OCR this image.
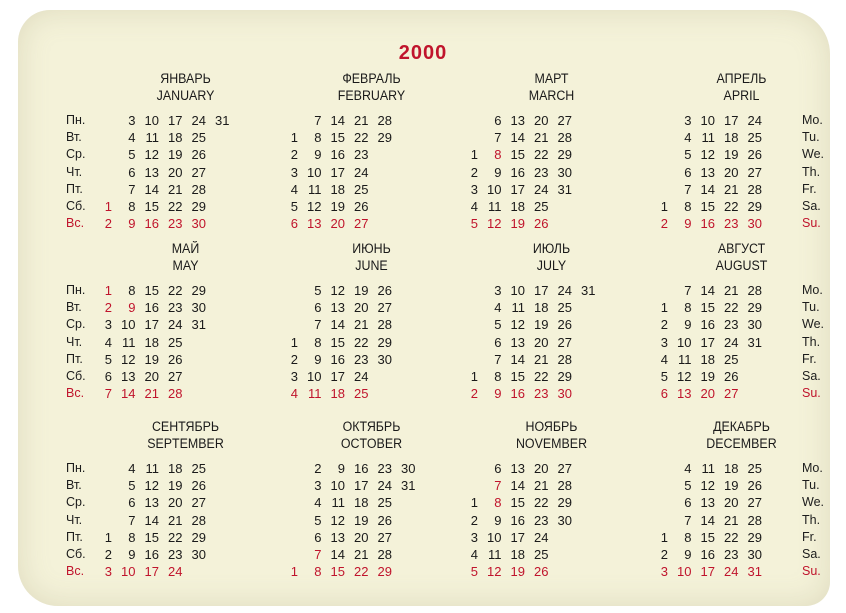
2000
Пн.
Вт.
Ср.
Чт.
Пт.
Сб.
Вс.
Mo.
Tu.
We.
Th.
Fr.
Sa.
Su.
Пн.
Вт.
Ср.
Чт.
Пт.
Сб.
Вс.
Mo.
Tu.
We.
Th.
Fr.
Sa.
Su.
Пн.
Вт.
Ср.
Чт.
Пт.
Сб.
Вс.
Mo.
Tu.
We.
Th.
Fr.
Sa.
Su.
ЯНВАРЬ
JANUARY
1
2
3
4
5
6
7
8
9
10
11
12
13
14
15
16
17
18
19
20
21
22
23
24
25
26
27
28
29
30
31
ФЕВРАЛЬ
FEBRUARY
1
2
3
4
5
6
7
8
9
10
11
12
13
14
15
16
17
18
19
20
21
22
23
24
25
26
27
28
29
МАРТ
MARCH
1
2
3
4
5
6
7
8
9
10
11
12
13
14
15
16
17
18
19
20
21
22
23
24
25
26
27
28
29
30
31
АПРЕЛЬ
APRIL
1
2
3
4
5
6
7
8
9
10
11
12
13
14
15
16
17
18
19
20
21
22
23
24
25
26
27
28
29
30
МАЙ
MAY
1
2
3
4
5
6
7
8
9
10
11
12
13
14
15
16
17
18
19
20
21
22
23
24
25
26
27
28
29
30
31
ИЮНЬ
JUNE
1
2
3
4
5
6
7
8
9
10
11
12
13
14
15
16
17
18
19
20
21
22
23
24
25
26
27
28
29
30
ИЮЛЬ
JULY
1
2
3
4
5
6
7
8
9
10
11
12
13
14
15
16
17
18
19
20
21
22
23
24
25
26
27
28
29
30
31
АВГУСТ
AUGUST
1
2
3
4
5
6
7
8
9
10
11
12
13
14
15
16
17
18
19
20
21
22
23
24
25
26
27
28
29
30
31
СЕНТЯБРЬ
SEPTEMBER
1
2
3
4
5
6
7
8
9
10
11
12
13
14
15
16
17
18
19
20
21
22
23
24
25
26
27
28
29
30
ОКТЯБРЬ
OCTOBER
1
2
3
4
5
6
7
8
9
10
11
12
13
14
15
16
17
18
19
20
21
22
23
24
25
26
27
28
29
30
31
НОЯБРЬ
NOVEMBER
1
2
3
4
5
6
7
8
9
10
11
12
13
14
15
16
17
18
19
20
21
22
23
24
25
26
27
28
29
30
ДЕКАБРЬ
DECEMBER
1
2
3
4
5
6
7
8
9
10
11
12
13
14
15
16
17
18
19
20
21
22
23
24
25
26
27
28
29
30
31
